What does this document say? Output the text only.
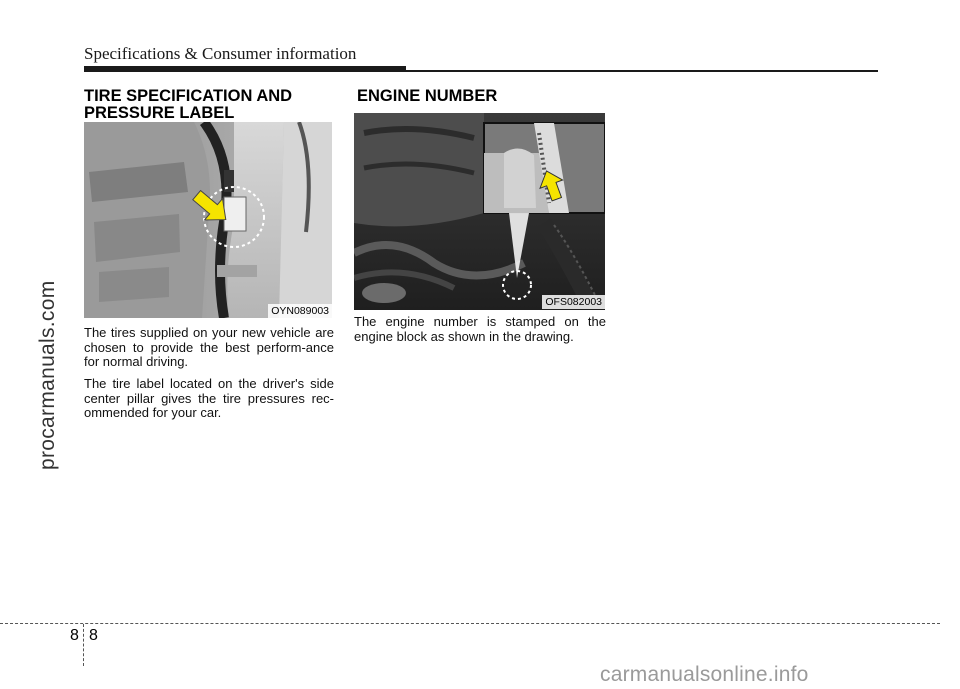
Specifications & Consumer information
procarmanuals.com
TIRE SPECIFICATION AND PRESSURE LABEL
OYN089003
The tires supplied on your new vehicle are chosen to provide the best perform-ance for normal driving.
The tire label located on the driver's side center pillar gives the tire pressures rec-ommended for your car.
ENGINE NUMBER
OFS082003
The engine number is stamped on the engine block as shown in the drawing.
8 8
carmanualsonline.info
